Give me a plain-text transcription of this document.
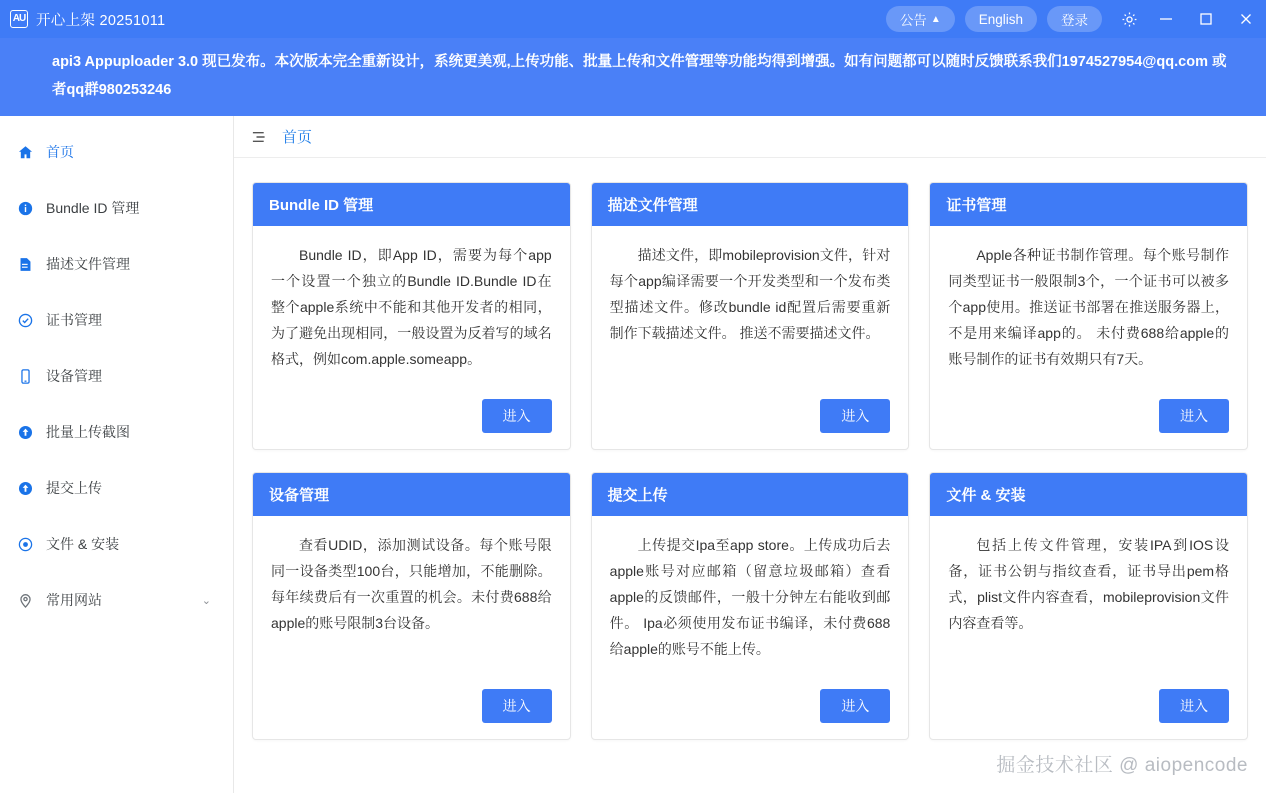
AU 开心上架 20251011	公告 ▲	English	登录
api3 Appuploader 3.0 现已发布。本次版本完全重新设计，系统更美观,上传功能、批量上传和文件管理等功能均得到增强。如有问题都可以随时反馈联系我们1974527954@qq.com 或者qq群980253246
首页
Bundle ID 管理
描述文件管理
证书管理
设备管理
批量上传截图
提交上传
文件 & 安装
常用网站	⌄
首页
Bundle ID 管理
Bundle ID，即App ID，需要为每个app一个设置一个独立的Bundle ID.Bundle ID在整个apple系统中不能和其他开发者的相同，为了避免出现相同，一般设置为反着写的域名格式，例如com.apple.someapp。
进入
描述文件管理
描述文件，即mobileprovision文件，针对每个app编译需要一个开发类型和一个发布类型描述文件。修改bundle id配置后需要重新制作下载描述文件。 推送不需要描述文件。
进入
证书管理
Apple各种证书制作管理。每个账号制作同类型证书一般限制3个，一个证书可以被多个app使用。推送证书部署在推送服务器上，不是用来编译app的。 未付费688给apple的账号制作的证书有效期只有7天。
进入
设备管理
查看UDID，添加测试设备。每个账号限同一设备类型100台，只能增加，不能删除。每年续费后有一次重置的机会。未付费688给apple的账号限制3台设备。
进入
提交上传
上传提交Ipa至app store。上传成功后去apple账号对应邮箱（留意垃圾邮箱）查看apple的反馈邮件，一般十分钟左右能收到邮件。 Ipa必须使用发布证书编译，未付费688给apple的账号不能上传。
进入
文件 & 安装
包括上传文件管理，安装IPA到IOS设备，证书公钥与指纹查看，证书导出pem格式，plist文件内容查看，mobileprovision文件内容查看等。
进入
掘金技术社区 @ aiopencode
